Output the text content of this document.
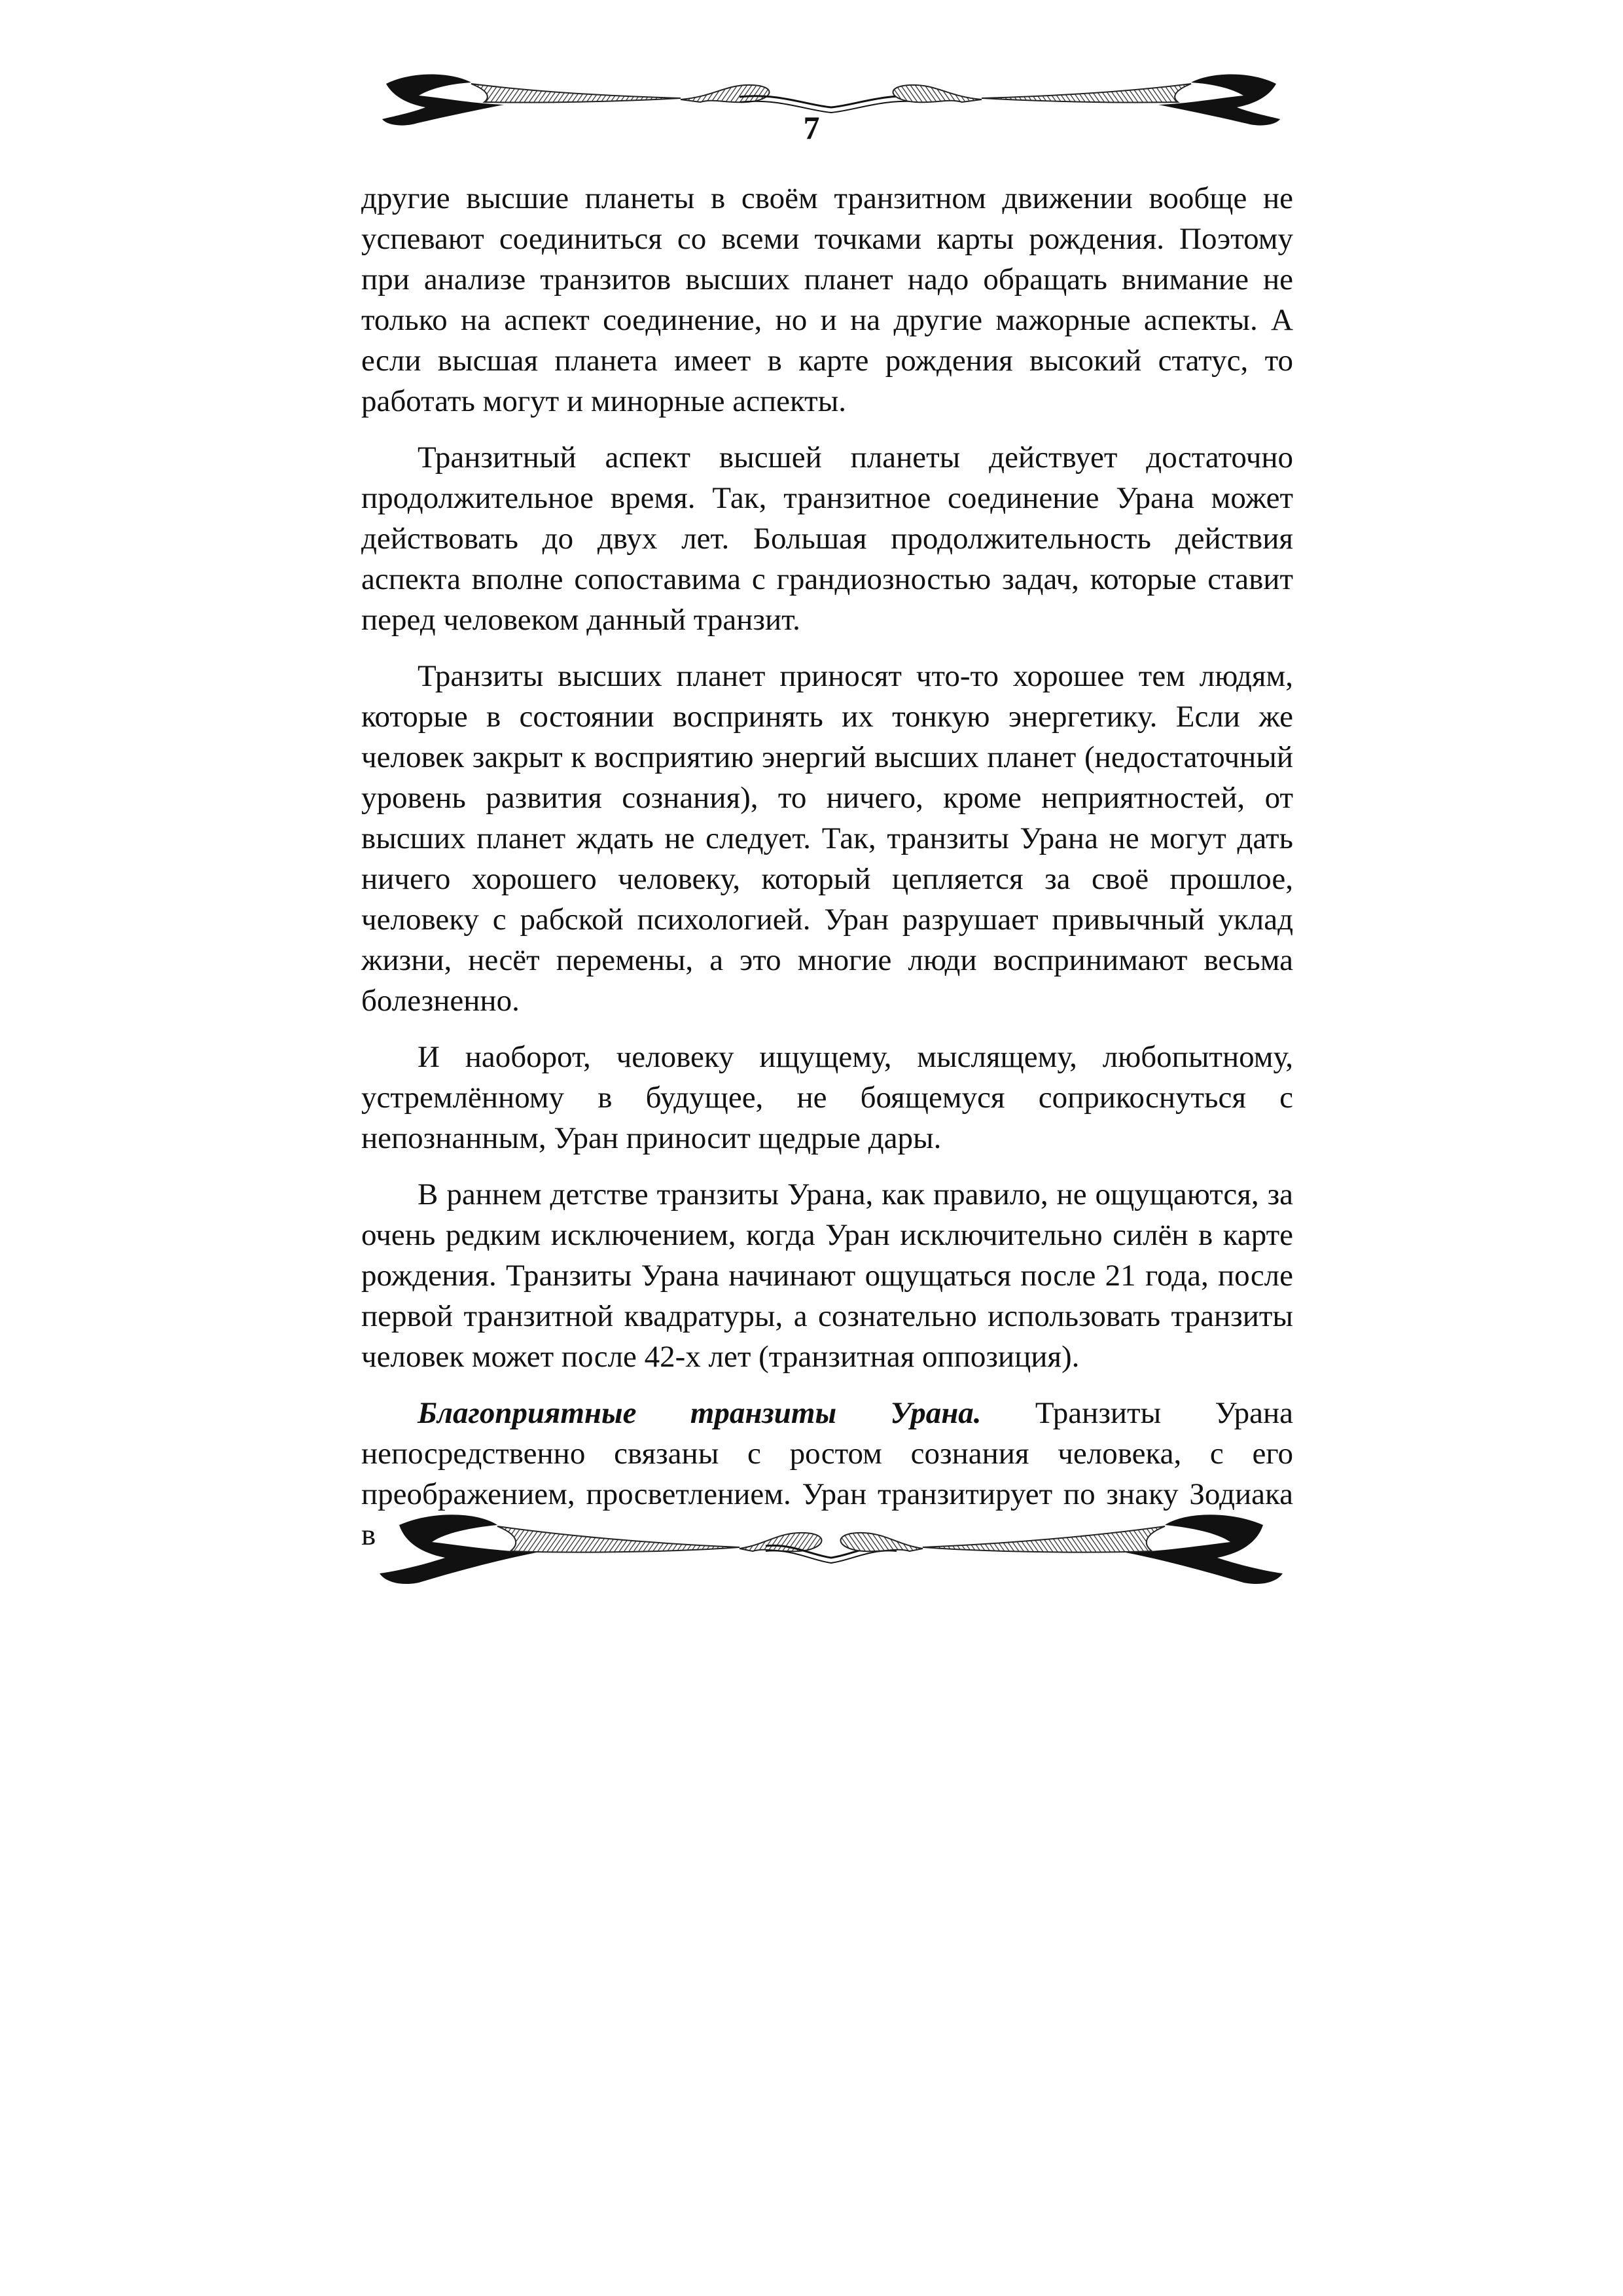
7

другие высшие планеты в своём транзитном движении вообще не успевают соединиться со всеми точками карты рождения. Поэтому при анализе транзитов высших планет надо обращать внимание не только на аспект соединение, но и на другие мажорные аспекты. А если высшая планета имеет в карте рождения высокий статус, то работать могут и минорные аспекты.

Транзитный аспект высшей планеты действует достаточно продолжительное время. Так, транзитное соединение Урана может действовать до двух лет. Большая продолжительность действия аспекта вполне сопоставима с грандиозностью задач, которые ставит перед человеком данный транзит.

Транзиты высших планет приносят что-то хорошее тем людям, которые в состоянии воспринять их тонкую энергетику. Если же человек закрыт к восприятию энергий высших планет (недостаточный уровень развития сознания), то ничего, кроме неприятностей, от высших планет ждать не следует. Так, транзиты Урана не могут дать ничего хорошего человеку, который цепляется за своё прошлое, человеку с рабской психологией. Уран разрушает привычный уклад жизни, несёт перемены, а это многие люди воспринимают весьма болезненно.

И наоборот, человеку ищущему, мыслящему, любопытному, устремлённому в будущее, не боящемуся соприкоснуться с непознанным, Уран приносит щедрые дары.

В раннем детстве транзиты Урана, как правило, не ощущаются, за очень редким исключением, когда Уран исключительно силён в карте рождения. Транзиты Урана начинают ощущаться после 21 года, после первой транзитной квадратуры, а сознательно использовать транзиты человек может после 42-х лет (транзитная оппозиция).

Благоприятные транзиты Урана. Транзиты Урана непосредственно связаны с ростом сознания человека, с его преображением, просветлением. Уран транзитирует по знаку Зодиака в
